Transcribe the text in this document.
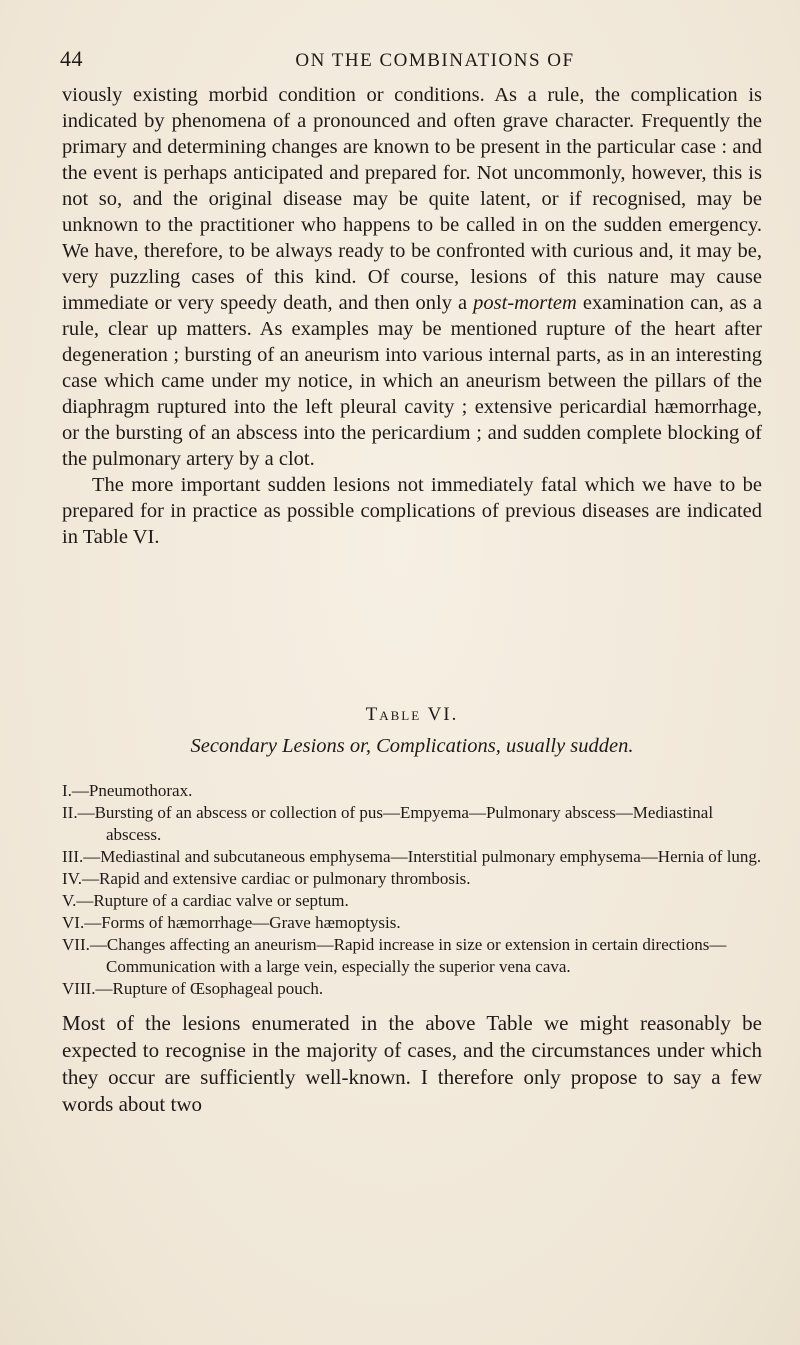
44	ON THE COMBINATIONS OF

viously existing morbid condition or conditions. As a rule, the complication is indicated by phenomena of a pronounced and often grave character. Frequently the primary and determining changes are known to be present in the particular case : and the event is perhaps anticipated and prepared for. Not uncommonly, however, this is not so, and the original disease may be quite latent, or if recognised, may be unknown to the practitioner who happens to be called in on the sudden emergency. We have, therefore, to be always ready to be confronted with curious and, it may be, very puzzling cases of this kind. Of course, lesions of this nature may cause immediate or very speedy death, and then only a post-mortem examination can, as a rule, clear up matters. As examples may be mentioned rupture of the heart after degeneration ; bursting of an aneurism into various internal parts, as in an interesting case which came under my notice, in which an aneurism between the pillars of the diaphragm ruptured into the left pleural cavity ; extensive pericardial hæmorrhage, or the bursting of an abscess into the pericardium ; and sudden complete blocking of the pulmonary artery by a clot.

The more important sudden lesions not immediately fatal which we have to be prepared for in practice as possible complications of previous diseases are indicated in Table VI.

Table VI.
Secondary Lesions or, Complications, usually sudden.
I.—Pneumothorax.
II.—Bursting of an abscess or collection of pus—Empyema—Pulmonary abscess—Mediastinal abscess.
III.—Mediastinal and subcutaneous emphysema—Interstitial pulmonary emphysema—Hernia of lung.
IV.—Rapid and extensive cardiac or pulmonary thrombosis.
V.—Rupture of a cardiac valve or septum.
VI.—Forms of hæmorrhage—Grave hæmoptysis.
VII.—Changes affecting an aneurism—Rapid increase in size or extension in certain directions—Communication with a large vein, especially the superior vena cava.
VIII.—Rupture of Œsophageal pouch.

Most of the lesions enumerated in the above Table we might reasonably be expected to recognise in the majority of cases, and the circumstances under which they occur are sufficiently well-known. I therefore only propose to say a few words about two
